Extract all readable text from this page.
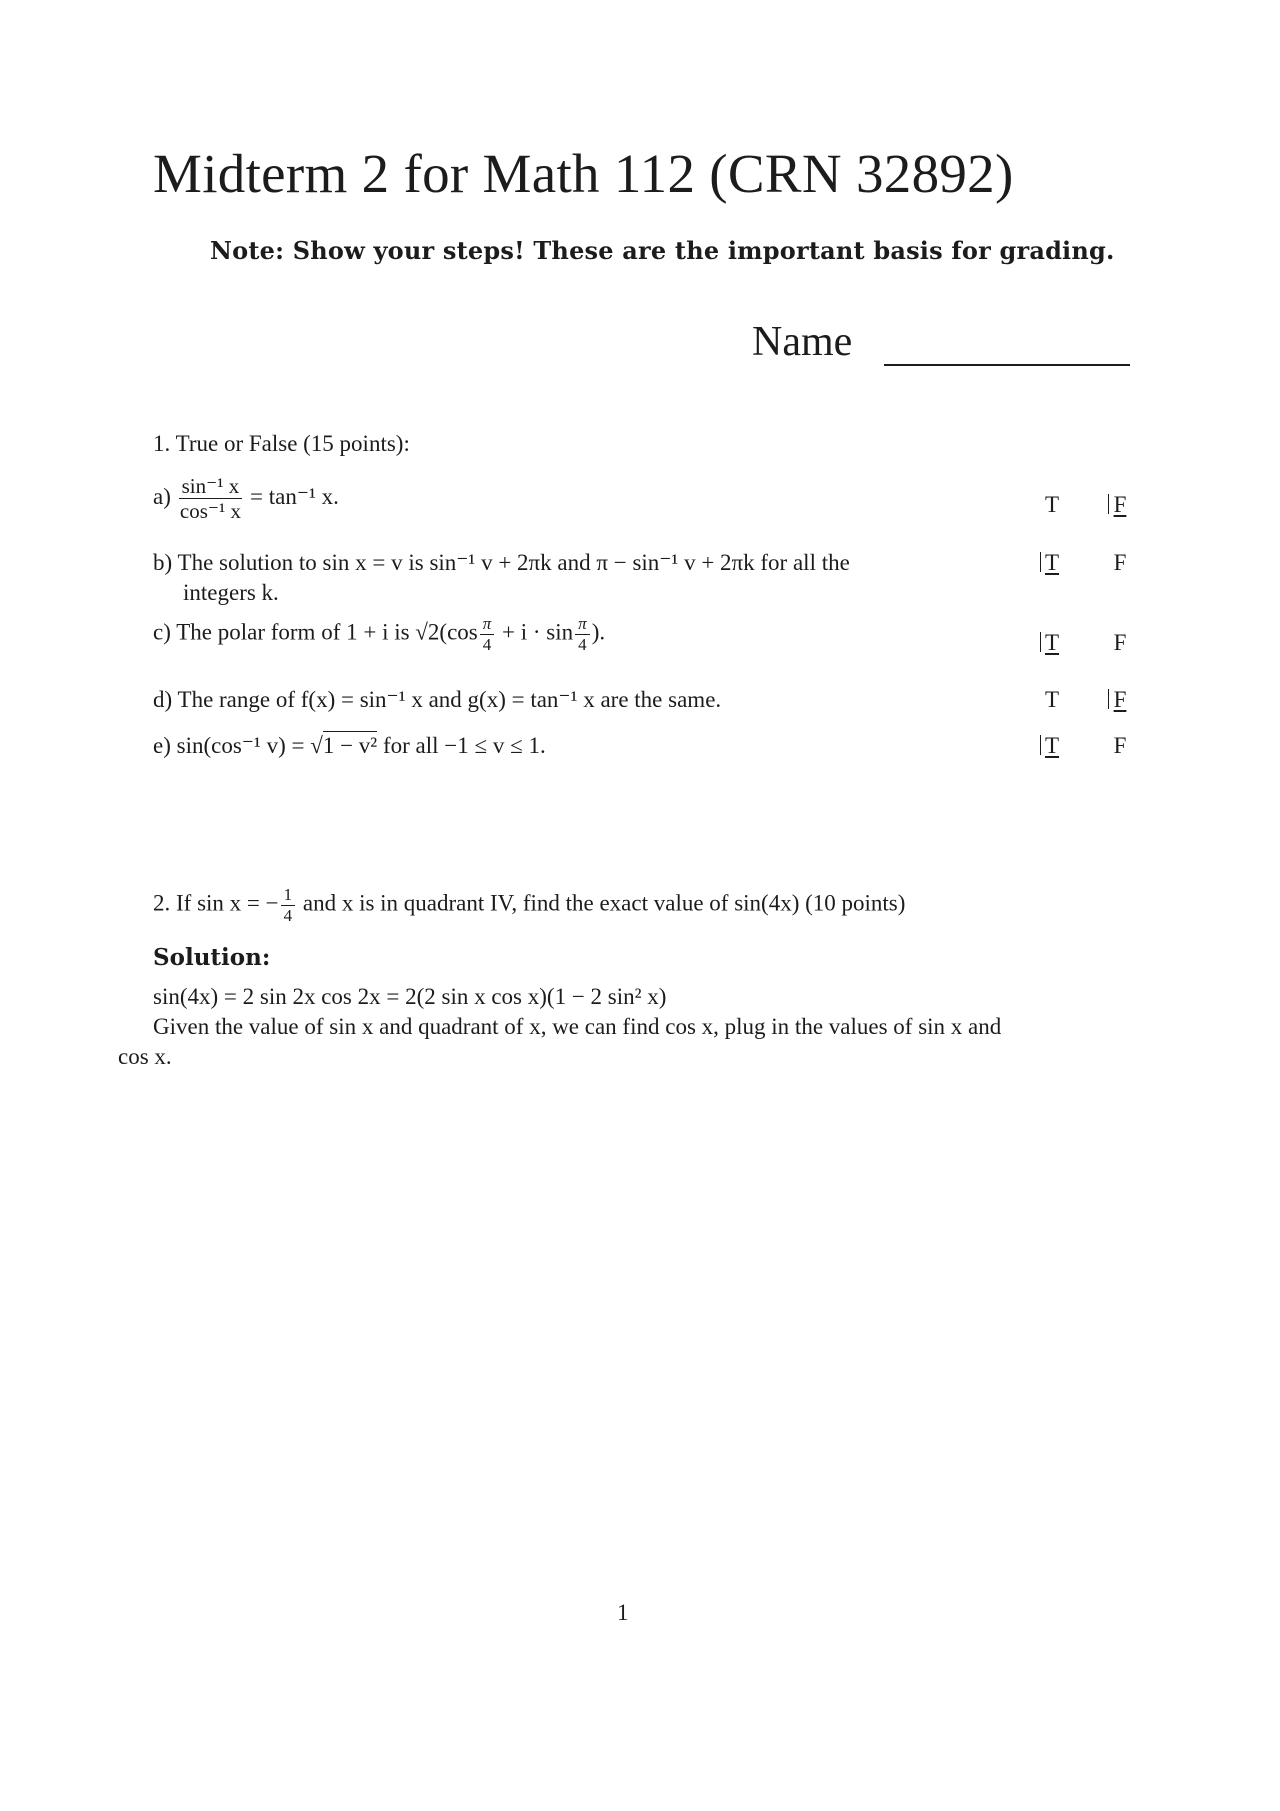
Midterm 2 for Math 112 (CRN 32892)
Note: Show your steps! These are the important basis for grading.
Name
1. True or False (15 points):
$a) \frac{\text{sin⁻¹ x}}{\text{cos⁻¹ x}} = \tan^{-1}$ x.	T F
b) The solution to sin x = v is sin⁻¹ v + 2πk and π − sin⁻¹ v + 2πk for all the
integers k.
T F
c) The polar form of 1 + i is $√2(\cos \frac{\pi}{4} + i \cdot \sin \frac{\pi}{4}$ ).	T F
d) The range of f(x) = sin⁻¹ x and g(x) = tan⁻¹ x are the same.	T F
e) sin(cos⁻¹ v) = √1 − v² for all −1 ≤ v ≤ 1.	T F
2. If sin x = − $\frac{1}{4}$ and x is in quadrant IV, find the exact value of sin(4x) (10 points)
Solution:
sin(4x) = 2 sin 2x cos 2x = 2(2 sin x cos x)(1 − 2 sin² x)
Given the value of sin x and quadrant of x, we can find cos x, plug in the values of sin x and
cos x.
1
